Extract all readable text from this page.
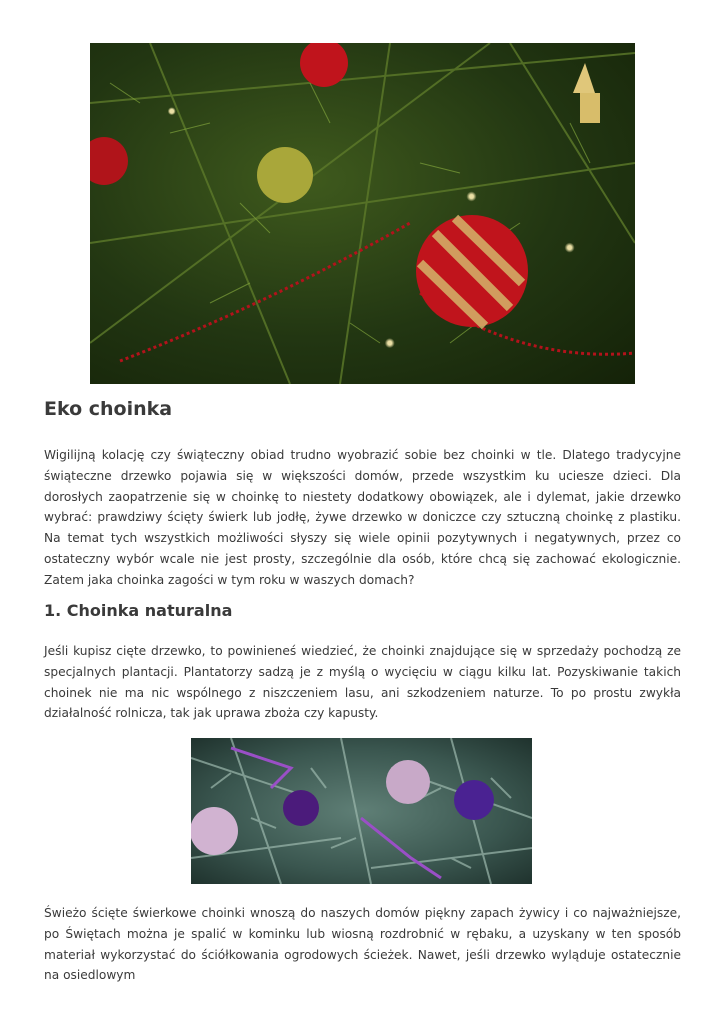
Eko choinka

Wigilijną kolację czy świąteczny obiad trudno wyobrazić sobie bez choinki w tle. Dlatego tradycyjne świąteczne drzewko pojawia się w większości domów, przede wszystkim ku uciesze dzieci. Dla dorosłych zaopatrzenie się w choinkę to niestety dodatkowy obowiązek, ale i dylemat, jakie drzewko wybrać: prawdziwy ścięty świerk lub jodłę, żywe drzewko w doniczce czy sztuczną choinkę z plastiku. Na temat tych wszystkich możliwości słyszy się wiele opinii pozytywnych i negatywnych, przez co ostateczny wybór wcale nie jest prosty, szczególnie dla osób, które chcą się zachować ekologicznie. Zatem jaka choinka zagości w tym roku w waszych domach?

1. Choinka naturalna

Jeśli kupisz cięte drzewko, to powinieneś wiedzieć, że choinki znajdujące się w sprzedaży pochodzą ze specjalnych plantacji. Plantatorzy sadzą je z myślą o wycięciu w ciągu kilku lat. Pozyskiwanie takich choinek nie ma nic wspólnego z niszczeniem lasu, ani szkodzeniem naturze. To po prostu zwykła działalność rolnicza, tak jak uprawa zboża czy kapusty.

Świeżo ścięte świerkowe choinki wnoszą do naszych domów piękny zapach żywicy i co najważniejsze, po Świętach można je spalić w kominku lub wiosną rozdrobnić w rębaku, a uzyskany w ten sposób materiał wykorzystać do ściółkowania ogrodowych ścieżek. Nawet, jeśli drzewko wyląduje ostatecznie na osiedlowym
